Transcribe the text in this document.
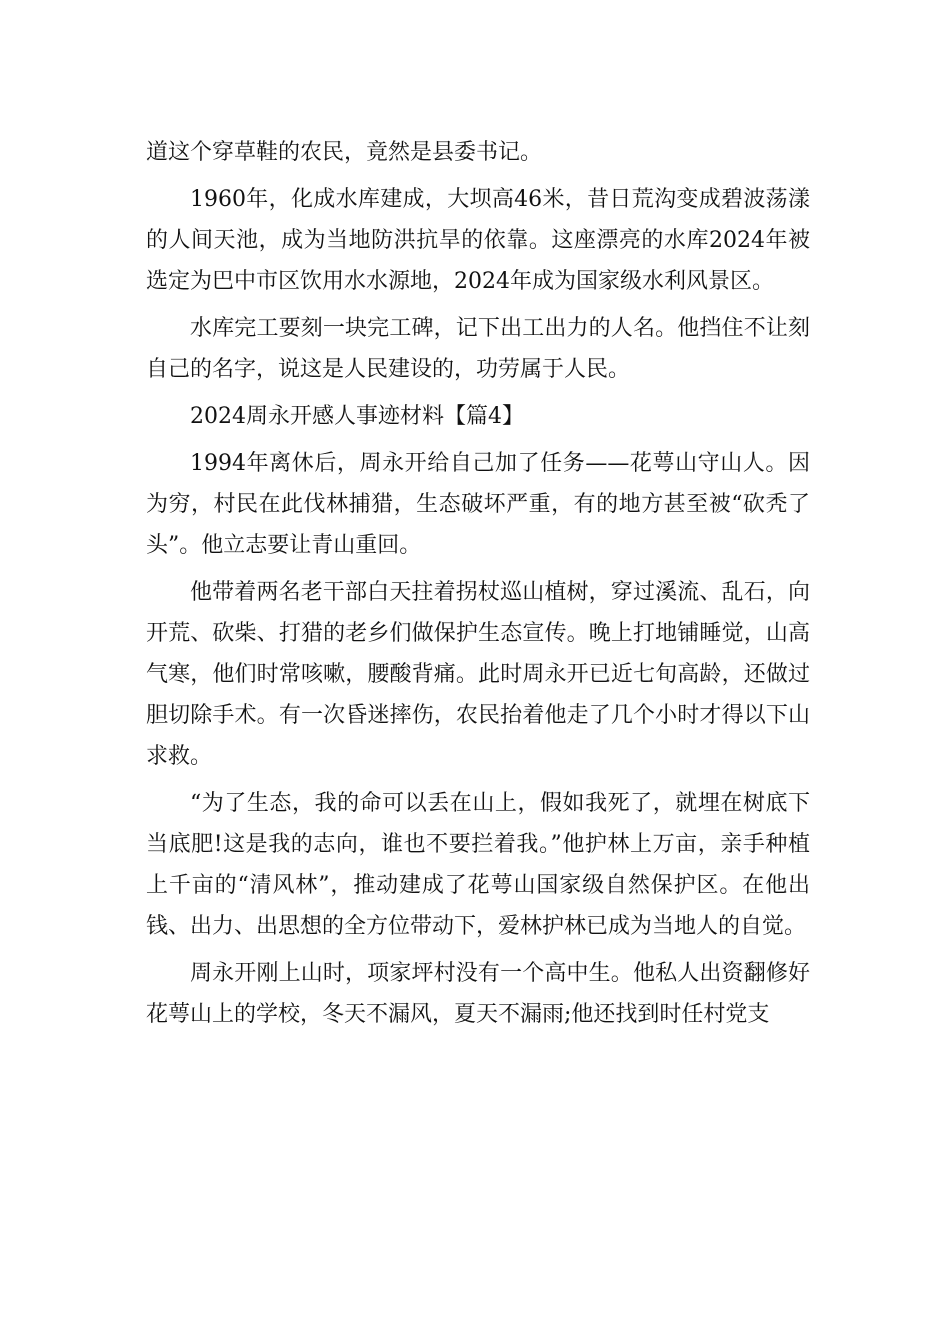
道这个穿草鞋的农民，竟然是县委书记。

1960年，化成水库建成，大坝高46米，昔日荒沟变成碧波荡漾的人间天池，成为当地防洪抗旱的依靠。这座漂亮的水库2024年被选定为巴中市区饮用水水源地，2024年成为国家级水利风景区。

水库完工要刻一块完工碑，记下出工出力的人名。他挡住不让刻自己的名字，说这是人民建设的，功劳属于人民。

2024周永开感人事迹材料【篇4】

1994年离休后，周永开给自己加了任务——花萼山守山人。因为穷，村民在此伐林捕猎，生态破坏严重，有的地方甚至被“砍秃了头”。他立志要让青山重回。

他带着两名老干部白天拄着拐杖巡山植树，穿过溪流、乱石，向开荒、砍柴、打猎的老乡们做保护生态宣传。晚上打地铺睡觉，山高气寒，他们时常咳嗽，腰酸背痛。此时周永开已近七旬高龄，还做过胆切除手术。有一次昏迷摔伤，农民抬着他走了几个小时才得以下山求救。

“为了生态，我的命可以丢在山上，假如我死了，就埋在树底下当底肥!这是我的志向，谁也不要拦着我。”他护林上万亩，亲手种植上千亩的“清风林”，推动建成了花萼山国家级自然保护区。在他出钱、出力、出思想的全方位带动下，爱林护林已成为当地人的自觉。

周永开刚上山时，项家坪村没有一个高中生。他私人出资翻修好花萼山上的学校，冬天不漏风，夏天不漏雨;他还找到时任村党支
